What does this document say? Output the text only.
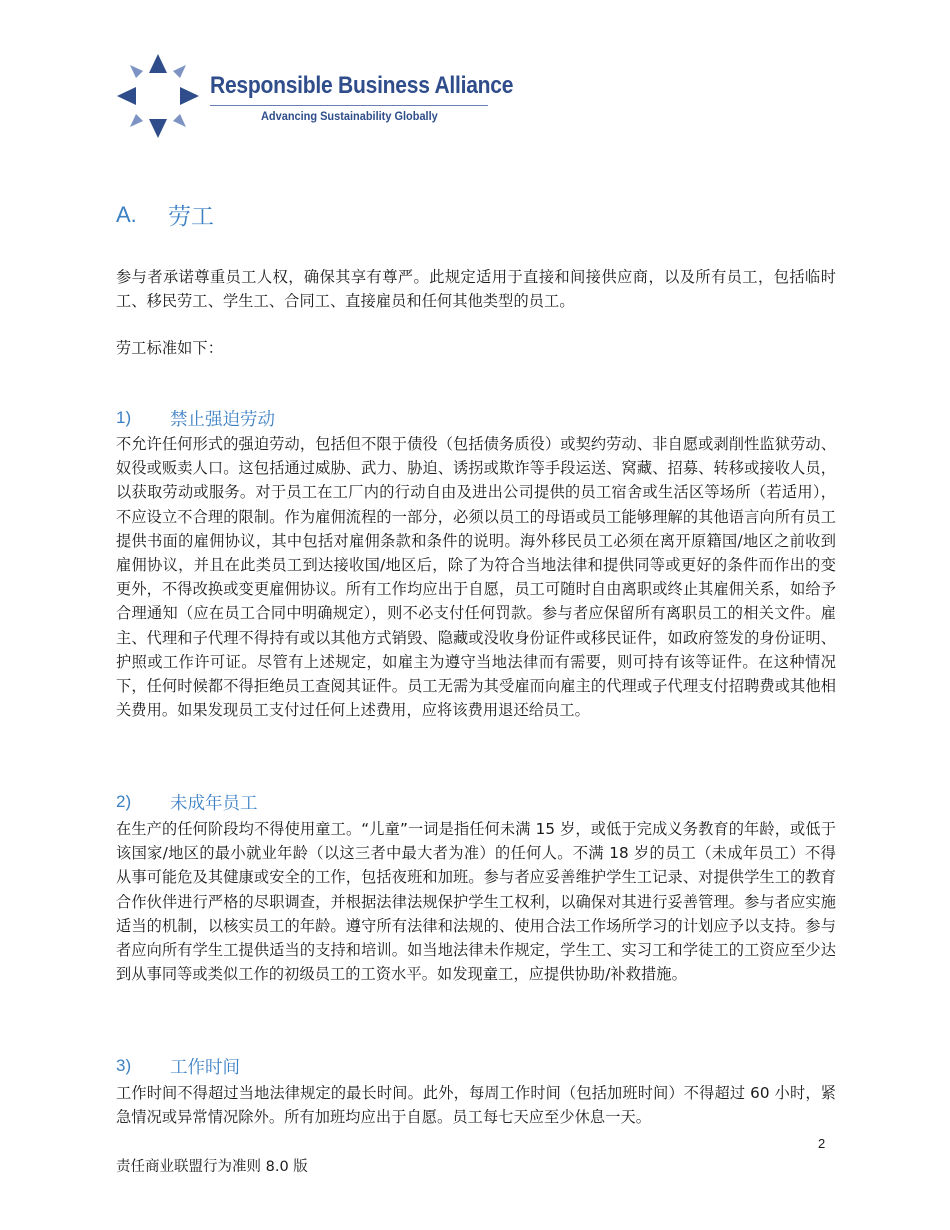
Responsible Business Alliance

Advancing Sustainability Globally

A. 劳工

参与者承诺尊重员工人权，确保其享有尊严。此规定适用于直接和间接供应商，以及所有员工，包括临时工、移民劳工、学生工、合同工、直接雇员和任何其他类型的员工。

劳工标准如下：

1) 禁止强迫劳动

不允许任何形式的强迫劳动，包括但不限于债役（包括债务质役）或契约劳动、非自愿或剥削性监狱劳动、奴役或贩卖人口。这包括通过威胁、武力、胁迫、诱拐或欺诈等手段运送、窝藏、招募、转移或接收人员，以获取劳动或服务。对于员工在工厂内的行动自由及进出公司提供的员工宿舍或生活区等场所（若适用），不应设立不合理的限制。作为雇佣流程的一部分，必须以员工的母语或员工能够理解的其他语言向所有员工提供书面的雇佣协议，其中包括对雇佣条款和条件的说明。海外移民员工必须在离开原籍国/地区之前收到雇佣协议，并且在此类员工到达接收国/地区后，除了为符合当地法律和提供同等或更好的条件而作出的变更外，不得改换或变更雇佣协议。所有工作均应出于自愿，员工可随时自由离职或终止其雇佣关系，如给予合理通知（应在员工合同中明确规定），则不必支付任何罚款。参与者应保留所有离职员工的相关文件。雇主、代理和子代理不得持有或以其他方式销毁、隐藏或没收身份证件或移民证件，如政府签发的身份证明、护照或工作许可证。尽管有上述规定，如雇主为遵守当地法律而有需要，则可持有该等证件。在这种情况下，任何时候都不得拒绝员工查阅其证件。员工无需为其受雇而向雇主的代理或子代理支付招聘费或其他相关费用。如果发现员工支付过任何上述费用，应将该费用退还给员工。

2) 未成年员工

在生产的任何阶段均不得使用童工。“儿童”一词是指任何未满 15 岁，或低于完成义务教育的年龄，或低于该国家/地区的最小就业年龄（以这三者中最大者为准）的任何人。不满 18 岁的员工（未成年员工）不得从事可能危及其健康或安全的工作，包括夜班和加班。参与者应妥善维护学生工记录、对提供学生工的教育合作伙伴进行严格的尽职调查，并根据法律法规保护学生工权利，以确保对其进行妥善管理。参与者应实施适当的机制，以核实员工的年龄。遵守所有法律和法规的、使用合法工作场所学习的计划应予以支持。参与者应向所有学生工提供适当的支持和培训。如当地法律未作规定，学生工、实习工和学徒工的工资应至少达到从事同等或类似工作的初级员工的工资水平。如发现童工，应提供协助/补救措施。

3) 工作时间

工作时间不得超过当地法律规定的最长时间。此外，每周工作时间（包括加班时间）不得超过 60 小时，紧急情况或异常情况除外。所有加班均应出于自愿。员工每七天应至少休息一天。

2

责任商业联盟行为准则 8.0 版
